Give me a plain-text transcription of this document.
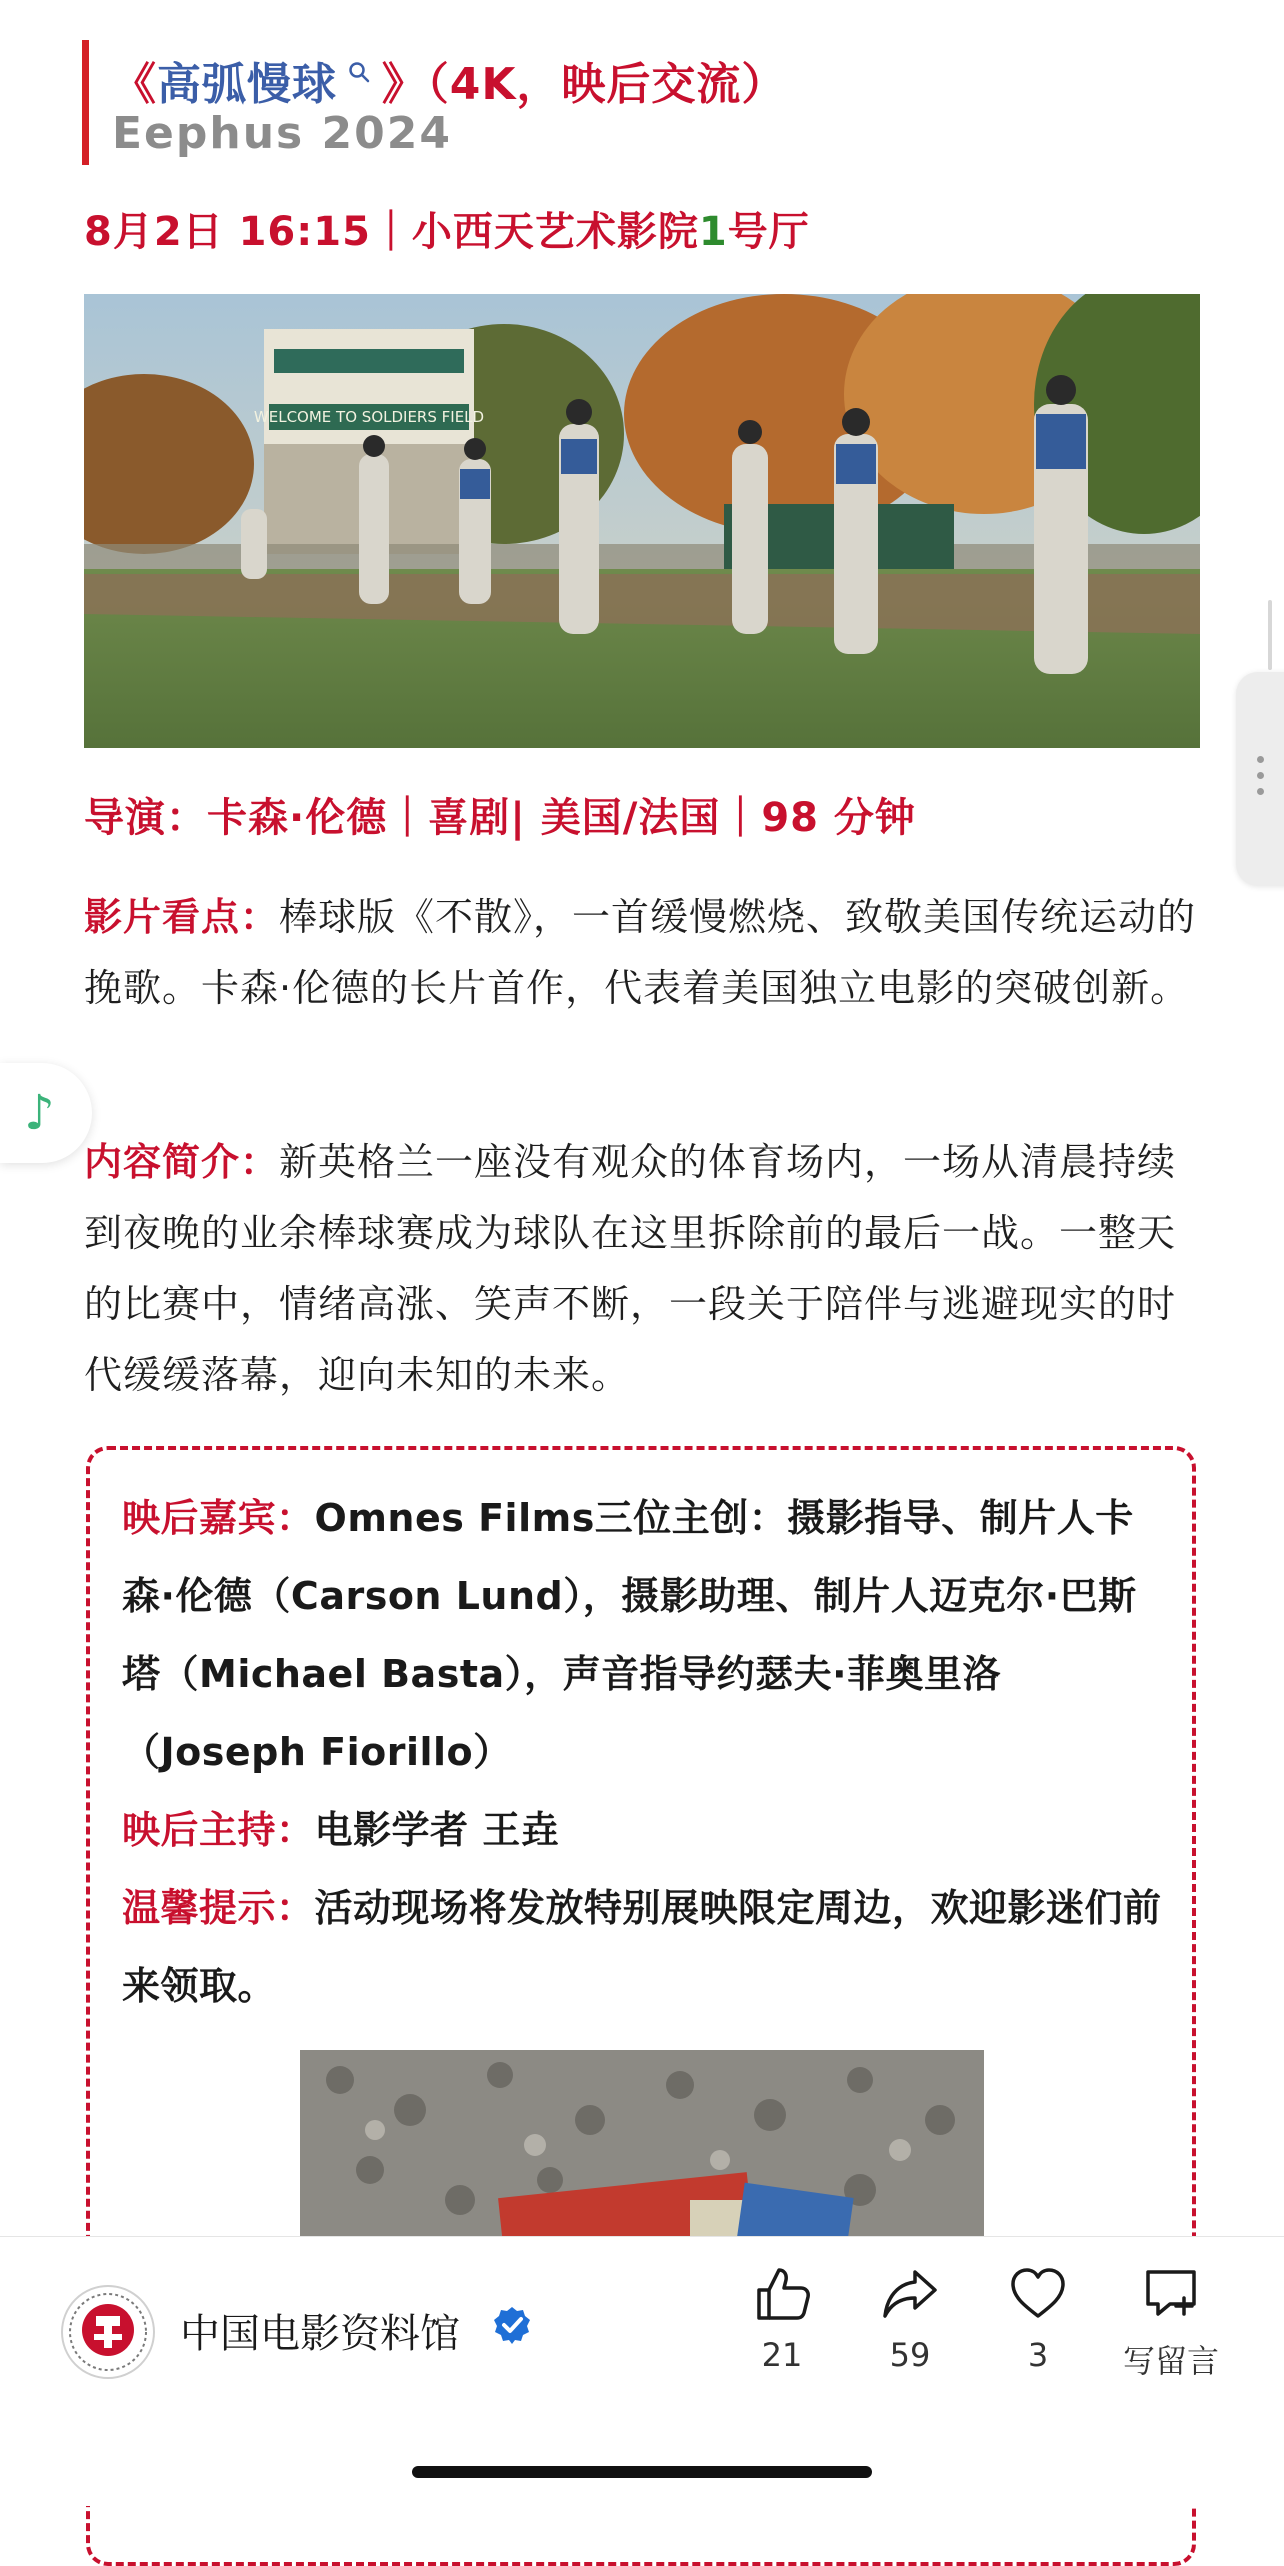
《高弧慢球 》（4K，映后交流）
Eephus 2024
8月2日 16:15｜小西天艺术影院1号厅
WELCOME TO SOLDIERS FIELD
导演：卡森·伦德｜喜剧| 美国/法国｜98 分钟
影片看点：棒球版《不散》，一首缓慢燃烧、致敬美国传统运动的挽歌。卡森·伦德的长片首作，代表着美国独立电影的突破创新。
内容简介：新英格兰一座没有观众的体育场内，一场从清晨持续到夜晚的业余棒球赛成为球队在这里拆除前的最后一战。一整天的比赛中，情绪高涨、笑声不断，一段关于陪伴与逃避现实的时代缓缓落幕，迎向未知的未来。
映后嘉宾：Omnes Films三位主创：摄影指导、制片人卡森·伦德（Carson Lund），摄影助理、制片人迈克尔·巴斯塔（Michael Basta），声音指导约瑟夫·菲奥里洛（Joseph Fiorillo）
映后主持：电影学者 王垚
温馨提示：活动现场将发放特别展映限定周边，欢迎影迷们前来领取。
♪
中国电影资料馆	21	59	3	写留言
